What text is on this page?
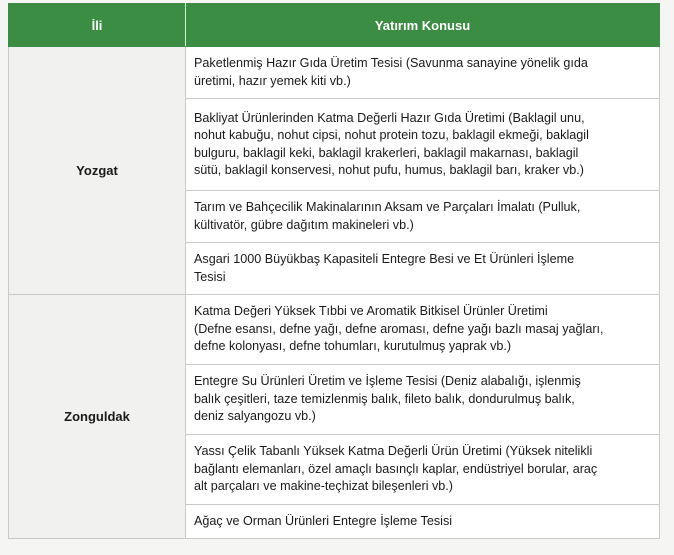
İli	Yatırım Konusu
Yozgat	Paketlenmiş Hazır Gıda Üretim Tesisi (Savunma sanayine yönelik gıda
üretimi, hazır yemek kiti vb.)

	Bakliyat Ürünlerinden Katma Değerli Hazır Gıda Üretimi (Baklagil unu,
nohut kabuğu, nohut cipsi, nohut protein tozu, baklagil ekmeği, baklagil
bulguru, baklagil keki, baklagil krakerleri, baklagil makarnası, baklagil
sütü, baklagil konservesi, nohut pufu, humus, baklagil barı, kraker vb.)

	Tarım ve Bahçecilik Makinalarının Aksam ve Parçaları İmalatı (Pulluk,
kültivatör, gübre dağıtım makineleri vb.)

	Asgari 1000 Büyükbaş Kapasiteli Entegre Besi ve Et Ürünleri İşleme
Tesisi

Zonguldak	Katma Değeri Yüksek Tıbbi ve Aromatik Bitkisel Ürünler Üretimi
(Defne esansı, defne yağı, defne aroması, defne yağı bazlı masaj yağları,
defne kolonyası, defne tohumları, kurutulmuş yaprak vb.)

	Entegre Su Ürünleri Üretim ve İşleme Tesisi (Deniz alabalığı, işlenmiş
balık çeşitleri, taze temizlenmiş balık, fileto balık, dondurulmuş balık,
deniz salyangozu vb.)

	Yassı Çelik Tabanlı Yüksek Katma Değerli Ürün Üretimi (Yüksek nitelikli
bağlantı elemanları, özel amaçlı basınçlı kaplar, endüstriyel borular, araç
alt parçaları ve makine-teçhizat bileşenleri vb.)

	Ağaç ve Orman Ürünleri Entegre İşleme Tesisi
